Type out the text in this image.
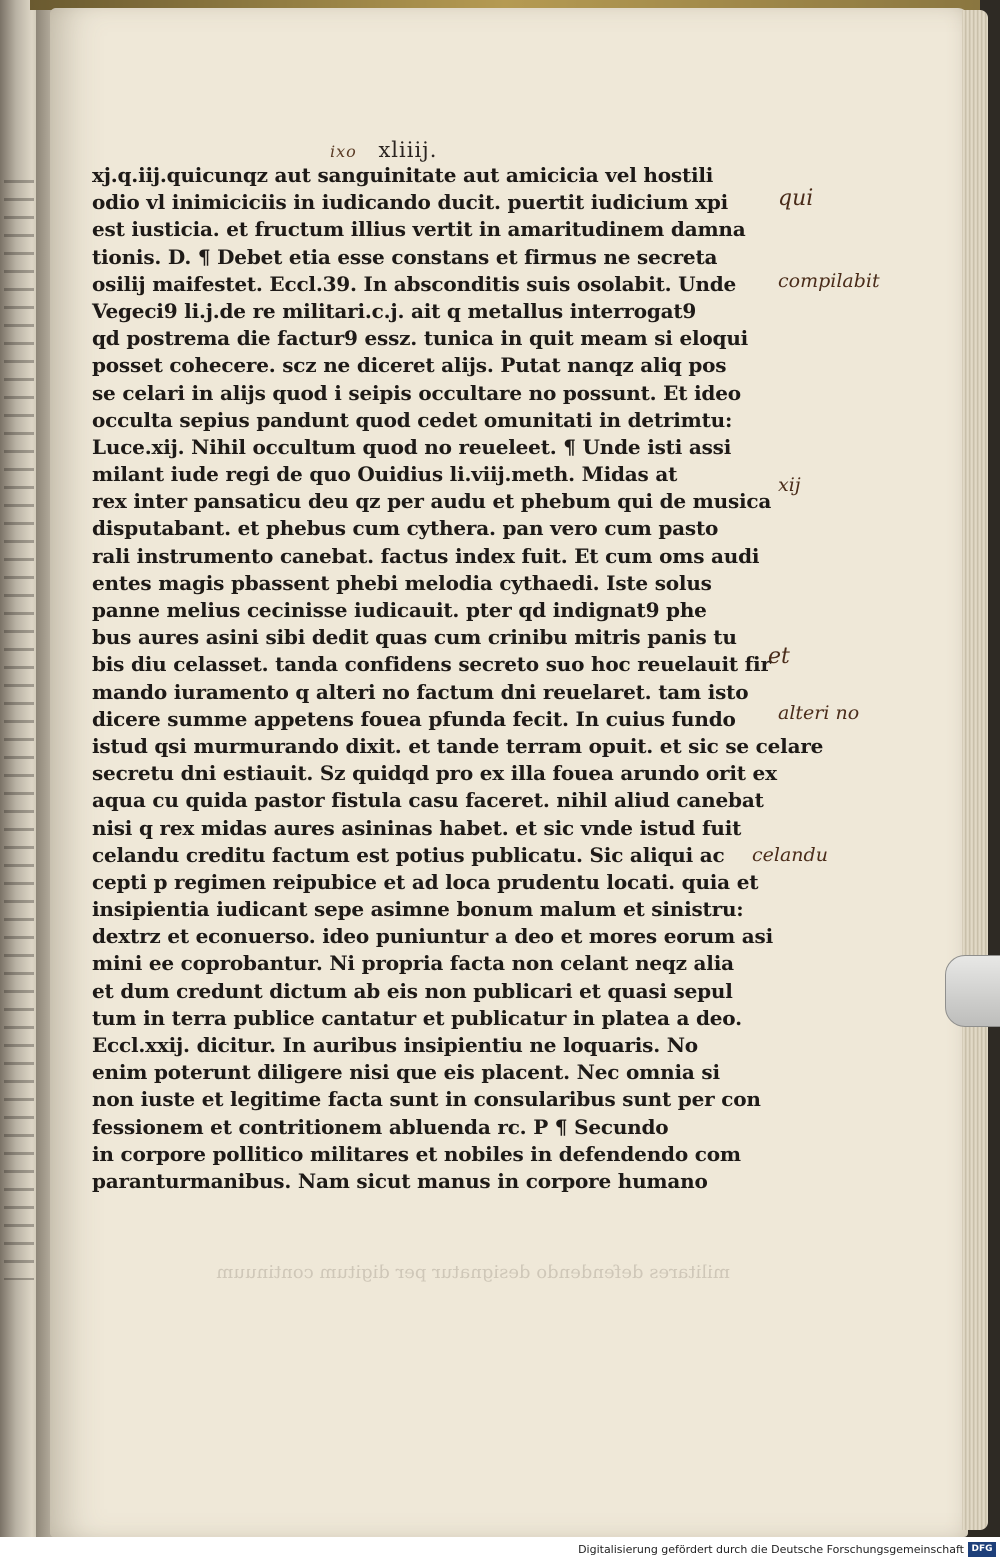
ixo xliiij.
xj.q.iij.quicunqz aut sanguinitate aut amicicia vel hostili
odio vl inimiciciis in iudicando ducit. puertit iudicium xpi
est iusticia. et fructum illius vertit in amaritudinem damna
tionis. D. ¶ Debet etia esse constans et firmus ne secreta
osilij maifestet. Eccl.39. In absconditis suis osolabit. Unde
Vegeci9 li.j.de re militari.c.j. ait q metallus interrogat9
qd postrema die factur9 essz. tunica in quit meam si eloqui
posset cohecere. scz ne diceret alijs. Putat nanqz aliq pos
se celari in alijs quod i seipis occultare no possunt. Et ideo
occulta sepius pandunt quod cedet omunitati in detrimtu:
Luce.xij. Nihil occultum quod no reueleet. ¶ Unde isti assi
milant iude regi de quo Ouidius li.viij.meth. Midas at
rex inter pansaticu deu qz per audu et phebum qui de musica
disputabant. et phebus cum cythera. pan vero cum pasto
rali instrumento canebat. factus index fuit. Et cum oms audi
entes magis pbassent phebi melodia cythaedi. Iste solus
panne melius cecinisse iudicauit. pter qd indignat9 phe
bus aures asini sibi dedit quas cum crinibu mitris panis tu
bis diu celasset. tanda confidens secreto suo hoc reuelauit fir
mando iuramento q alteri no factum dni reuelaret. tam isto
dicere summe appetens fouea pfunda fecit. In cuius fundo
istud qsi murmurando dixit. et tande terram opuit. et sic se celare
secretu dni estiauit. Sz quidqd pro ex illa fouea arundo orit ex
aqua cu quida pastor fistula casu faceret. nihil aliud canebat
nisi q rex midas aures asininas habet. et sic vnde istud fuit
celandu creditu factum est potius publicatu. Sic aliqui ac
cepti p regimen reipubice et ad loca prudentu locati. quia et
insipientia iudicant sepe asimne bonum malum et sinistru:
dextrz et econuerso. ideo puniuntur a deo et mores eorum asi
mini ee coprobantur. Ni propria facta non celant neqz alia
et dum credunt dictum ab eis non publicari et quasi sepul
tum in terra publice cantatur et publicatur in platea a deo.
Eccl.xxij. dicitur. In auribus insipientiu ne loquaris. No
enim poterunt diligere nisi que eis placent. Nec omnia si
non iuste et legitime facta sunt in consularibus sunt per con
fessionem et contritionem abluenda rc. P ¶ Secundo
in corpore pollitico militares et nobiles in defendendo com
paranturmanibus. Nam sicut manus in corpore humano
qui
compilabit
xij
et
alteri no
celandu
militares defendendo designatur per digitum continuum
Digitalisierung gefördert durch die Deutsche Forschungsgemeinschaft DFG
